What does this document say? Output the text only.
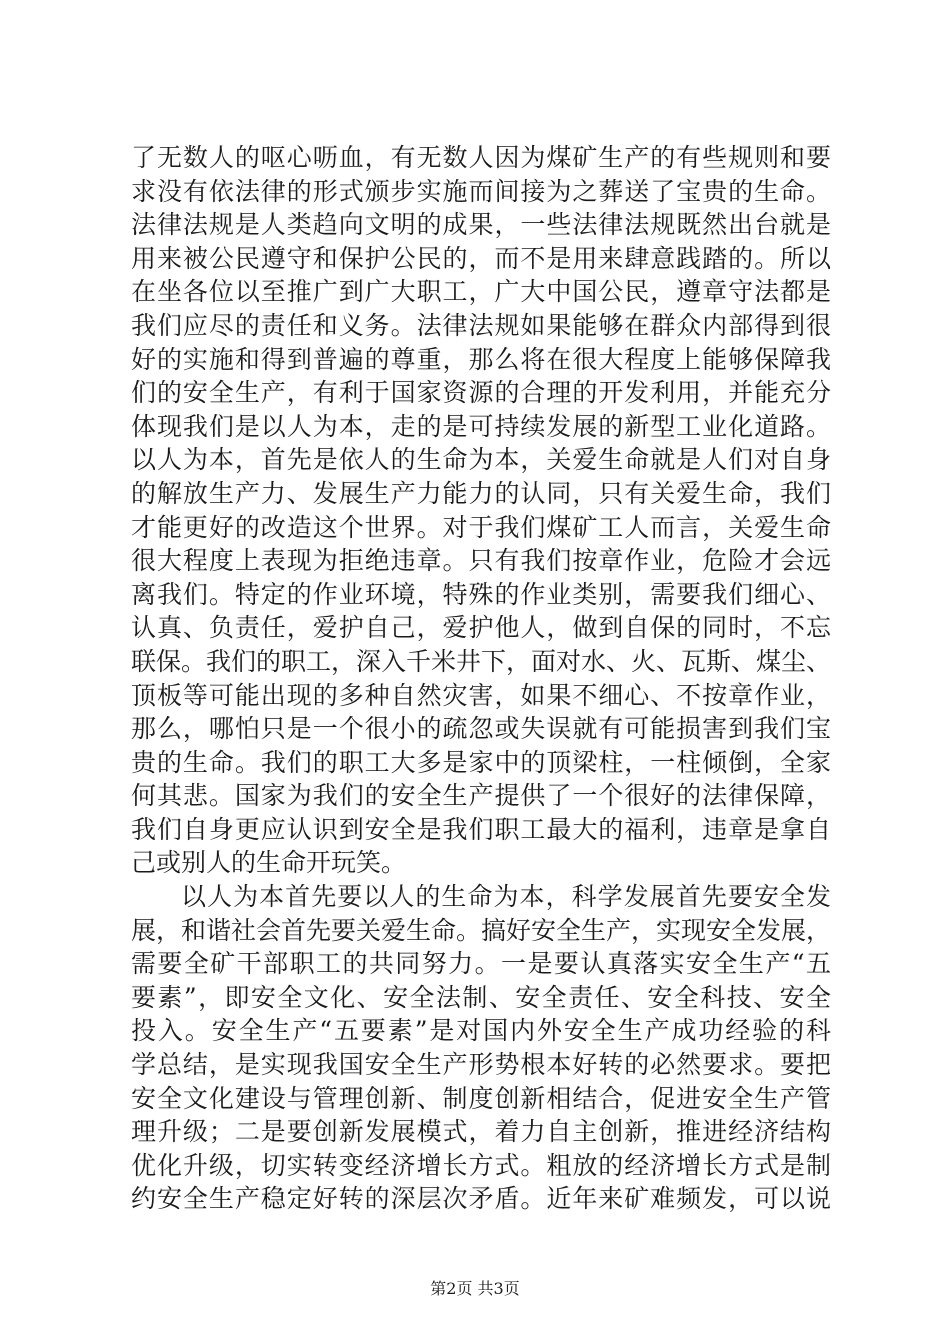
了无数人的呕心呖血，有无数人因为煤矿生产的有些规则和要
求没有依法律的形式颁步实施而间接为之葬送了宝贵的生命。
法律法规是人类趋向文明的成果，一些法律法规既然出台就是
用来被公民遵守和保护公民的，而不是用来肆意践踏的。所以
在坐各位以至推广到广大职工，广大中国公民，遵章守法都是
我们应尽的责任和义务。法律法规如果能够在群众内部得到很
好的实施和得到普遍的尊重，那么将在很大程度上能够保障我
们的安全生产，有利于国家资源的合理的开发利用，并能充分
体现我们是以人为本，走的是可持续发展的新型工业化道路。
以人为本，首先是依人的生命为本，关爱生命就是人们对自身
的解放生产力、发展生产力能力的认同，只有关爱生命，我们
才能更好的改造这个世界。对于我们煤矿工人而言，关爱生命
很大程度上表现为拒绝违章。只有我们按章作业，危险才会远
离我们。特定的作业环境，特殊的作业类别，需要我们细心、
认真、负责任，爱护自己，爱护他人，做到自保的同时，不忘
联保。我们的职工，深入千米井下，面对水、火、瓦斯、煤尘、
顶板等可能出现的多种自然灾害，如果不细心、不按章作业，
那么，哪怕只是一个很小的疏忽或失误就有可能损害到我们宝
贵的生命。我们的职工大多是家中的顶梁柱，一柱倾倒，全家
何其悲。国家为我们的安全生产提供了一个很好的法律保障，
我们自身更应认识到安全是我们职工最大的福利，违章是拿自
己或别人的生命开玩笑。
以人为本首先要以人的生命为本，科学发展首先要安全发
展，和谐社会首先要关爱生命。搞好安全生产，实现安全发展，
需要全矿干部职工的共同努力。一是要认真落实安全生产“五
要素”，即安全文化、安全法制、安全责任、安全科技、安全
投入。安全生产“五要素”是对国内外安全生产成功经验的科
学总结，是实现我国安全生产形势根本好转的必然要求。要把
安全文化建设与管理创新、制度创新相结合，促进安全生产管
理升级；二是要创新发展模式，着力自主创新，推进经济结构
优化升级，切实转变经济增长方式。粗放的经济增长方式是制
约安全生产稳定好转的深层次矛盾。近年来矿难频发，可以说
第2页 共3页
